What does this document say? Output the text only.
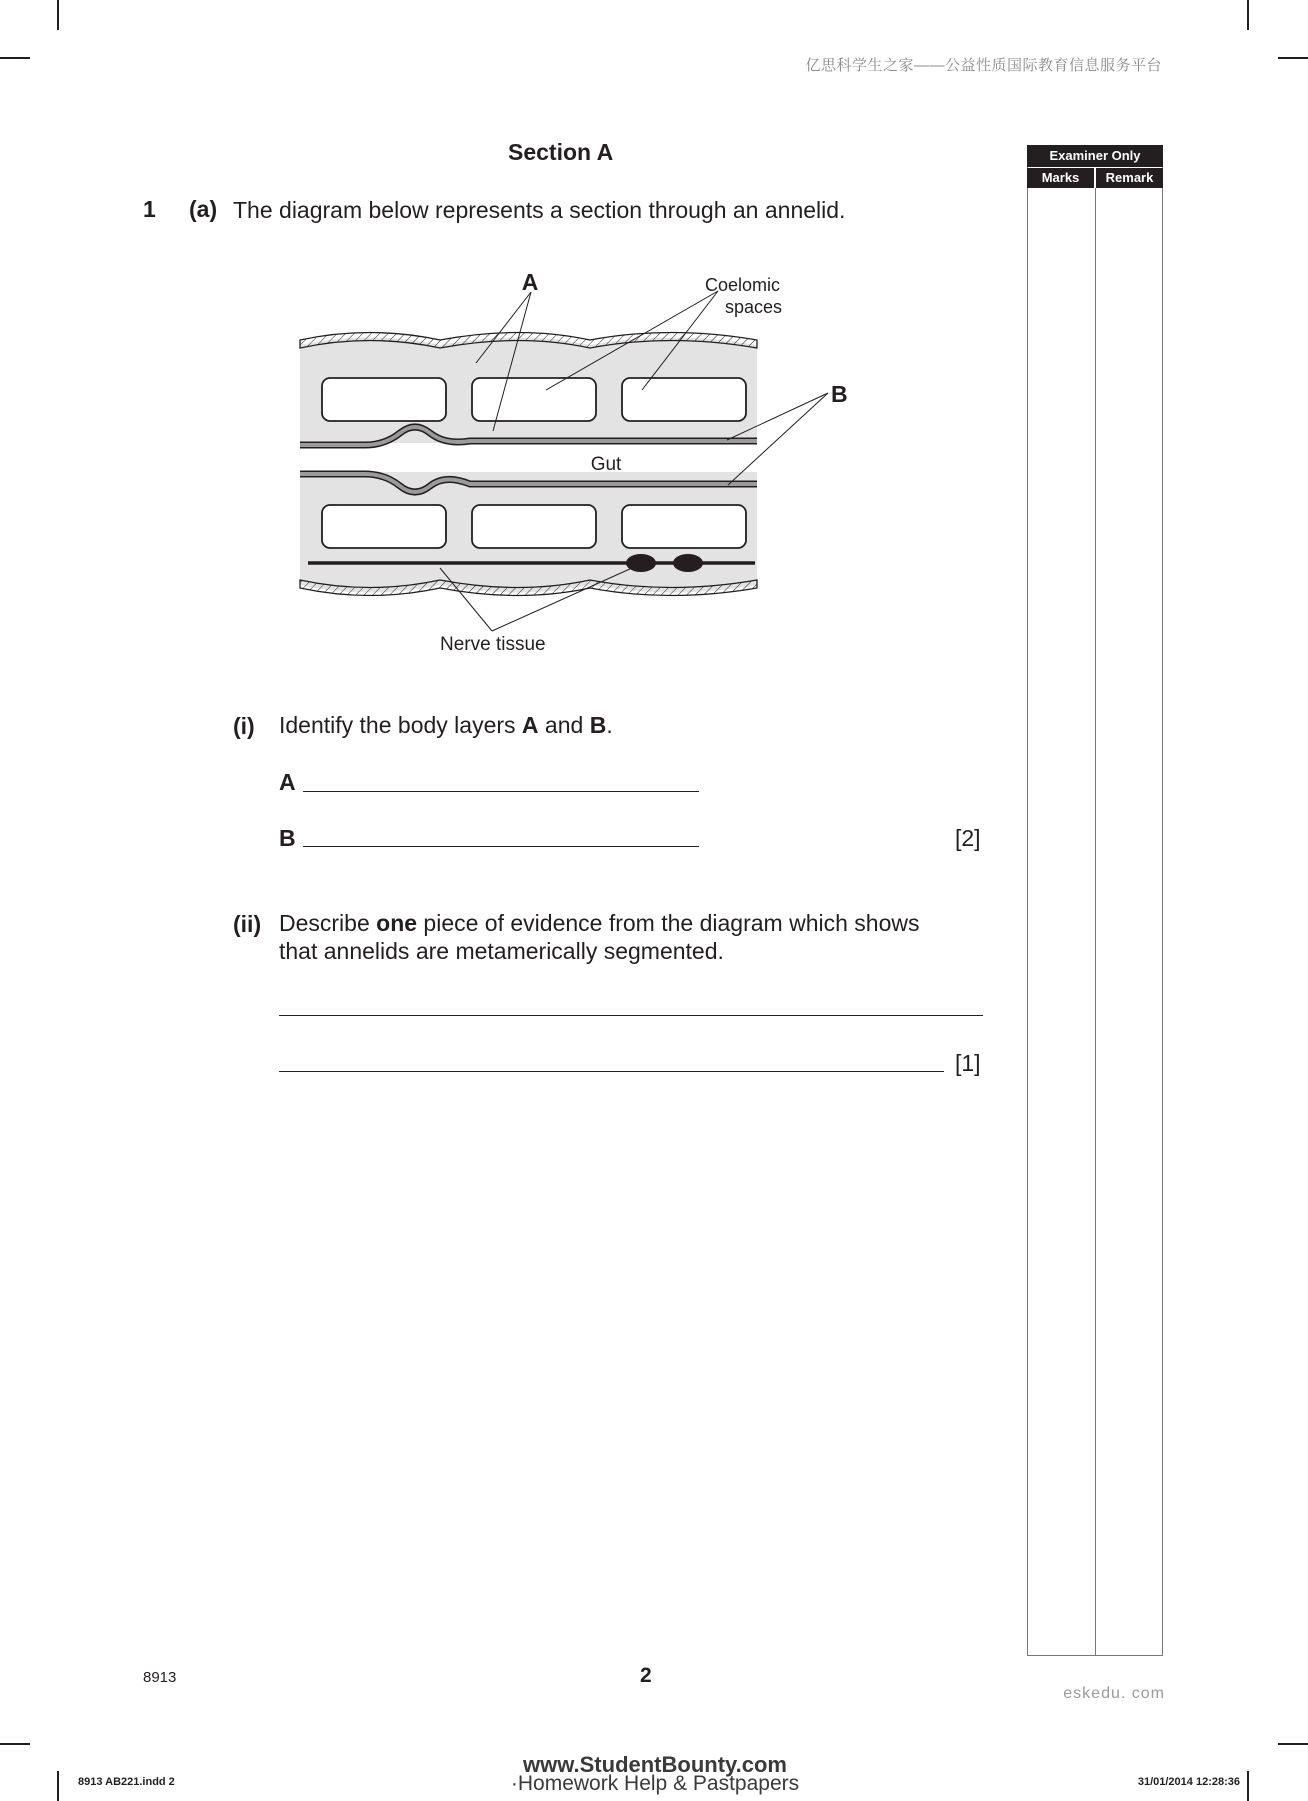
亿思科学生之家——公益性质国际教育信息服务平台
Section A
1 (a) The diagram below represents a section through an annelid.
A	Coelomic
spaces
B
Gut
Nerve tissue
(i) Identify the body layers A and B.
A
B	[2]
(ii) Describe one piece of evidence from the diagram which shows
that annelids are metamerically segmented.
[1]
Examiner Only
Marks	Remark
8913	2
eskedu. com
8913 AB221.indd 2	31/01/2014 12:28:36
www.StudentBounty.com
·Homework Help & Pastpapers
